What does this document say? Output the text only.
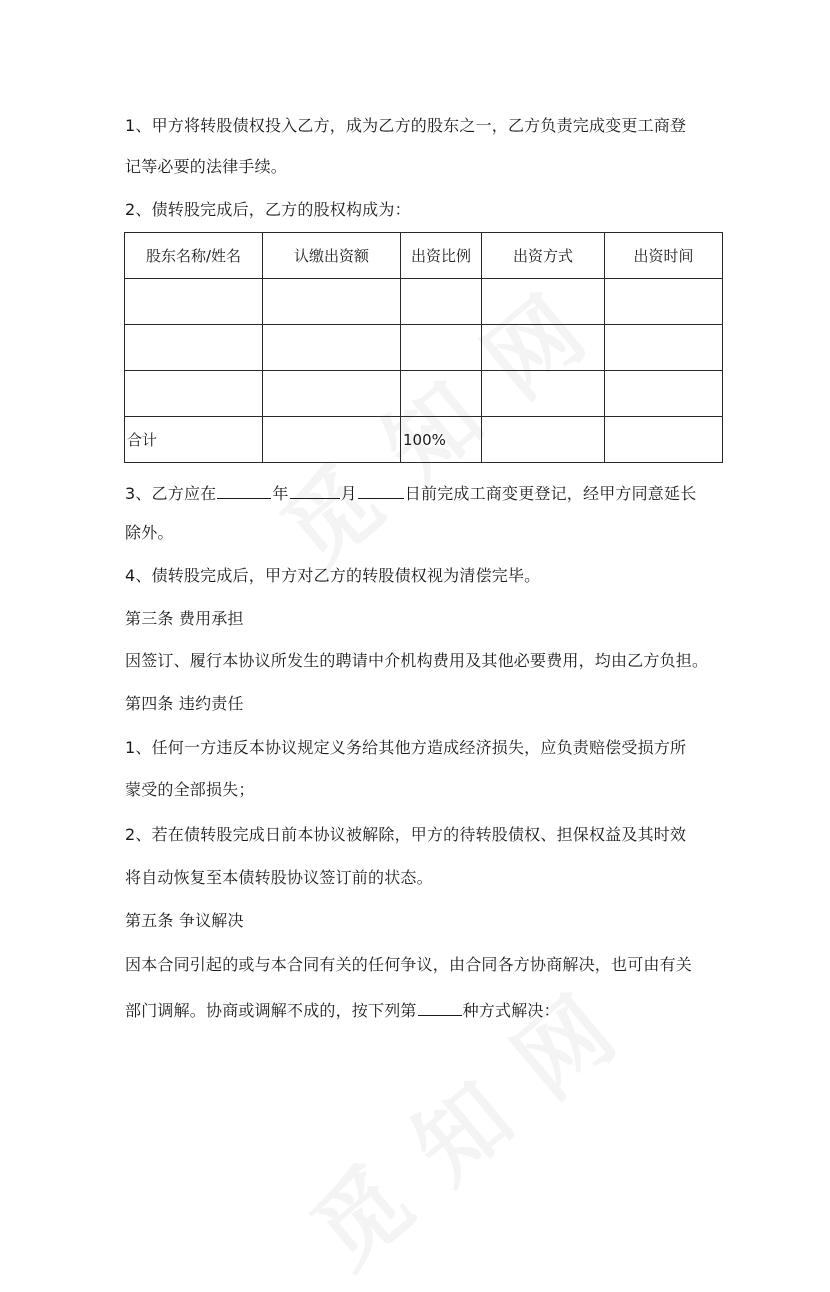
1、甲方将转股债权投入乙方，成为乙方的股东之一，乙方负责完成变更工商登
记等必要的法律手续。
2、债转股完成后，乙方的股权构成为：
股东名称/姓名	认缴出资额	出资比例	出资方式	出资时间

合计		100%		
3、乙方应在	年	月	日前完成工商变更登记，经甲方同意延长
除外。
4、债转股完成后，甲方对乙方的转股债权视为清偿完毕。
第三条 费用承担
因签订、履行本协议所发生的聘请中介机构费用及其他必要费用，均由乙方负担。
第四条 违约责任
1、任何一方违反本协议规定义务给其他方造成经济损失，应负责赔偿受损方所
蒙受的全部损失；
2、若在债转股完成日前本协议被解除，甲方的待转股债权、担保权益及其时效
将自动恢复至本债转股协议签订前的状态。
第五条 争议解决
因本合同引起的或与本合同有关的任何争议，由合同各方协商解决，也可由有关
部门调解。协商或调解不成的，按下列第	种方式解决：
